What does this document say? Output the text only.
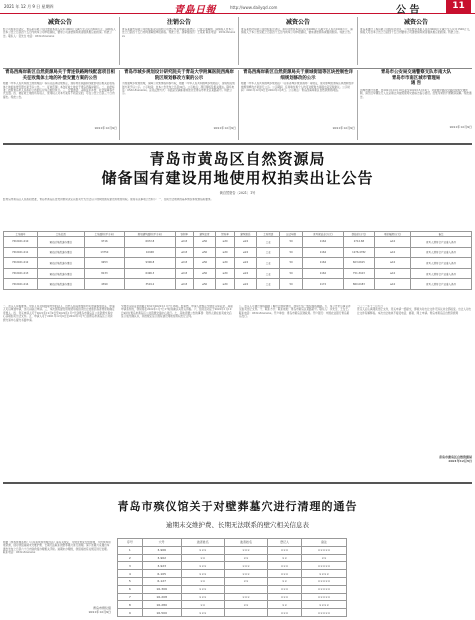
2021 年 12 月 9 日 星期四	青島日報	http://www.dailyqd.com	公 告	11
减资公告
经公司股东会决议，青岛某有限公司注册资本由人民币1000万元减少至人民币500万元，请债权人自本公告之日起四十五日内向本公司申报债权，要求公司清偿债务或者提供相应的担保。特此公告。联系人：张先生 电话：0532-8xxxxxxx
注销公告
青岛某商贸有限公司经股东决定拟向公司登记机关申请注销登记，已成立清算组，请债权人自本公告之日起四十五日内向清算组申报债权。特此公告。清算组成员：王某某 联系电话：0532-8xxxxxxx
减资公告
青岛某科技有限公司经股东会决议，拟将注册资本由人民币2000万元减少至人民币1000万元，请债权人于本公告见报之日起四十五日内向本公司申报债权，要求清偿债务或提供担保。特此公告。
减资公告
青岛某建设工程有限公司股东会决议，公司注册资本由人民币3000万元减少至人民币1500万元，债权人可自本公告之日起四十五日内要求公司清偿债务或者提供相应的担保。特此公告。
青岛西海岸新区自然资源局关于青连铁路跨线配套项目相关征收集体土地的补偿安置方案的公告
根据《中华人民共和国土地管理法》等有关法律法规规定，现将青连铁路跨线配套项目相关征收集体土地的补偿安置方案予以公告。一、征收范围：本次征收土地位于青岛西海岸新区。二、补偿标准：按照青岛市人民政府公布的区片综合地价执行。三、安置途径：采取货币补偿、社会保障等方式安置。四、被征收土地的所有权人、使用权人对本方案有不同意见的，可在公告之日起三十日内提出。特此公告。
2021年12月9日
青岛市城乡规划设计研究院关于青岛大学附属医院西海岸院区规划修改方案的公示
为加强城乡规划管理，保障公众知情权和参与权，根据《中华人民共和国城乡规划法》，现将相关规划方案予以公示。公示时间：自本公告发布之日起30日。公示地点：项目现场及相关网站。联系电话：0532-8xxxxxxx。意见反馈方式：书面意见请邮寄或送达至青岛市市北区某路某号。特此公示。
2021年12月9日
青岛西海岸新区自然资源局关于康城街道等区块控制性详细规划修改的公示
根据《中华人民共和国城乡规划法》《山东省城乡规划条例》等规定，现对康城街道等区块控制性详细规划修改方案进行公示。公示期间，任何单位和个人均可对规划方案提出意见和建议。公示时间：2021年12月9日至2022年1月8日。公示地点：青岛西海岸新区自然资源局网站。
2021年12月9日
青岛市公安局交通警察支队市南大队
青岛市市南区城市管理局
通 告
因城市建设需要，自2021年12月10日起至2022年3月10日，对香港中路部分路段实施交通管制，请过往车辆及行人注意避让并按照现场交通标志指示通行。给您带来的不便敬请谅解。特此通告。
2021年12月9日
青岛市黄岛区自然资源局
储备国有建设用地使用权拍卖出让公告
黄自然资告〔2021〕1号
经青岛市黄岛区人民政府批准，青岛市黄岛区自然资源局决定以拍卖方式出让以下地块的国有建设用地使用权。现将有关事项公告如下：一、拍卖出让地块的基本情况和规划指标要求。
土地编号	土地位置	土地面积(平方米)	规划建筑面积(平方米)	容积率	建筑密度	绿地率	建筑限高	土地用途	出让年限	竞买保证金(万元)	起始价(万元)	增价幅度(万元)	备注
HD2021-010	黄岛区某街道办事处	9716	6972.8	≤0.8	≤50	≥30	≤24	工业	50	1164	2712.68	≥10	竞买人须符合产业准入条件
HD2021-011	黄岛区某街道办事处	13750	10948	≤0.8	≤50	≥30	≤24	工业	50	1164	1276.4782	≥10	竞买人须符合产业准入条件
HD2021-012	黄岛区某街道办事处	9953	9306.8	≤0.8	≤50	≥30	≤24	工业	50	1164	603.0615	≥10	竞买人须符合产业准入条件
HD2021-013	黄岛区某街道办事处	8133	6496.3	≤0.8	≤50	≥30	≤24	工业	50	1162	751.3103	≥10	竞买人须符合产业准入条件
HD2021-014	黄岛区某街道办事处	4399	3519.2	≤0.8	≤50	≥30	≤24	工业	50	1172	860.0183	≥10	竞买人须符合产业准入条件
二、竞买人资格要求。中华人民共和国境内外的法人、自然人和其他组织均可申请参加竞买，申请人可以单独申请，也可以联合申请。三、本次国有建设用地使用权拍卖出让按照价高者得原则确定竞得人。四、竞买申请人可于2021年12月9日至2022年1月7日到青岛市黄岛区公共资源交易中心获取拍卖出让文件。五、申请人可于2021年12月9日至2022年1月7日到青岛市黄岛区公共资源交易中心提交书面申请。
交纳竞买保证金的截止时间为2022年1月7日16时。经审核，申请人按规定交纳竞买保证金，具备申请条件的，我局将在2022年1月7日17时前确认其竞买资格。六、拍卖活动定于2022年1月10日9时在青岛市黄岛区公共资源交易中心进行。七、其他需要公告的事项：竞得人须在拍卖成交后签订成交确认书，并按规定签订国有建设用地使用权出让合同。
八、竞买人可通过现场踏勘了解出让地块情况，我局不统一组织现场踏勘。九、本公告未尽事宜详见拍卖出让文件。十、联系方式：联系地址：青岛市黄岛区某路某号。联系人：李先生、王女士。联系电话：0532-8xxxxxxx。开户单位：青岛市黄岛区财政局。开户银行：中国农业银行青岛黄岛支行。
二〇二一年十二月九日
竞买人应认真阅读出让文件，竞买申请一经提交，即视为对出让文件无异议并全部接受。出让人对出让文件有解释权。本次出让地块不接受电话、邮寄、网上申请。青岛市黄岛区自然资源局
青岛市黄岛区自然资源局
2021年12月9日
青岛市殡仪馆关于对壁葬墓穴进行清理的通告
逾期未交维护费、长期无法联系的壁穴相关信息表
根据《殡葬管理条例》《山东省殡葬管理办法》等有关规定，为规范骨灰安放管理，节约殡葬用地资源，现对我馆逾期未交维护费、长期无法联系的壁葬墓穴进行清理。请下述墓穴家属自本通告发布之日起六十日内到我馆办理相关手续。逾期未办理的，我馆将按有关规定进行处理。联系电话：0532-8xxxxxxx
青岛市殡仪馆
2021年12月9日
序号	穴号	逝者姓名	逝者姓名	登记人	备注
1	3-906	×××	×××	×××	×××××
2	3-902	××	××	××	××
3	3-923	×××	×××	×××	×××××
4	6-105	×××	×××	×××	××××
5	6-127	××	××	××	×××××
6	16-306	×××		×××	×××××
7	16-208	×××	×××	×××	×××××
8	16-280	××	××	××	××××
9	16-500	×××		×××	×××××
